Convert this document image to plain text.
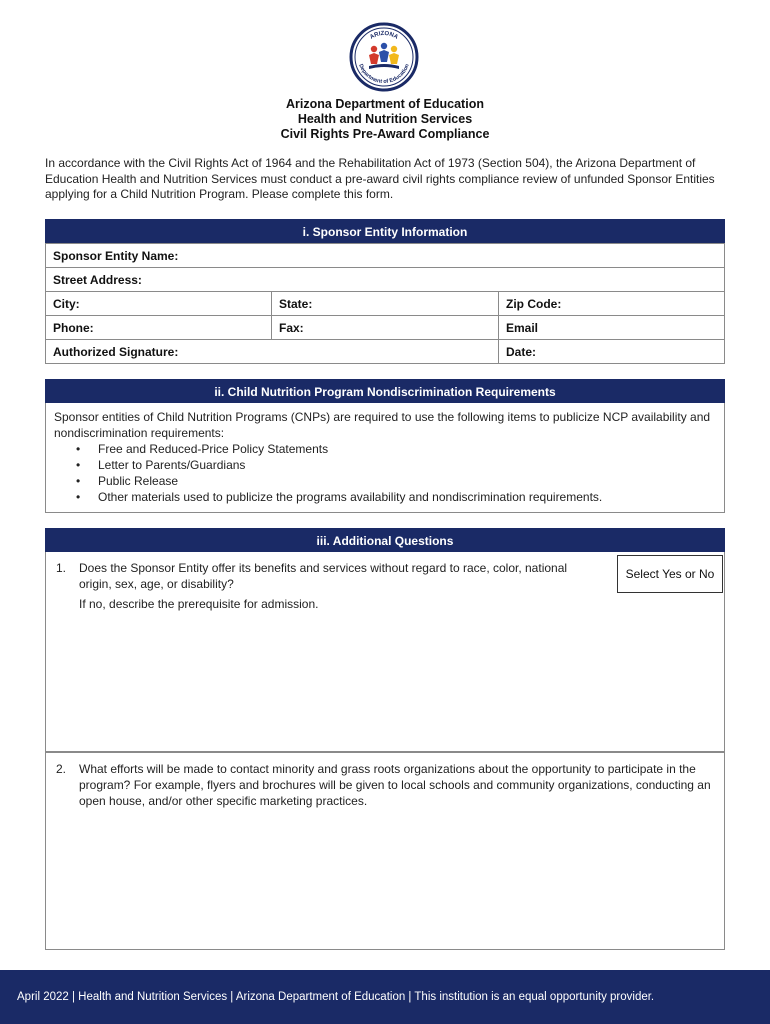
ARIZONA
Department of Education
Arizona Department of Education
Health and Nutrition Services
Civil Rights Pre-Award Compliance
In accordance with the Civil Rights Act of 1964 and the Rehabilitation Act of 1973 (Section 504), the Arizona Department of Education Health and Nutrition Services must conduct a pre-award civil rights compliance review of unfunded Sponsor Entities applying for a Child Nutrition Program. Please complete this form.
i. Sponsor Entity Information
Sponsor Entity Name:		
Street Address:		
City:	State:	Zip Code:
Phone:	Fax:	Email
Authorized Signature:		Date:
ii. Child Nutrition Program Nondiscrimination Requirements
Sponsor entities of Child Nutrition Programs (CNPs) are required to use the following items to publicize NCP availability and nondiscrimination requirements:
• Free and Reduced-Price Policy Statements
• Letter to Parents/Guardians
• Public Release
• Other materials used to publicize the programs availability and nondiscrimination requirements.
iii. Additional Questions
1. Does the Sponsor Entity offer its benefits and services without regard to race, color, national origin, sex, age, or disability?
If no, describe the prerequisite for admission.
Select Yes or No
2. What efforts will be made to contact minority and grass roots organizations about the opportunity to participate in the program? For example, flyers and brochures will be given to local schools and community organizations, conducting an open house, and/or other specific marketing practices.
April 2022 | Health and Nutrition Services | Arizona Department of Education | This institution is an equal opportunity provider.
